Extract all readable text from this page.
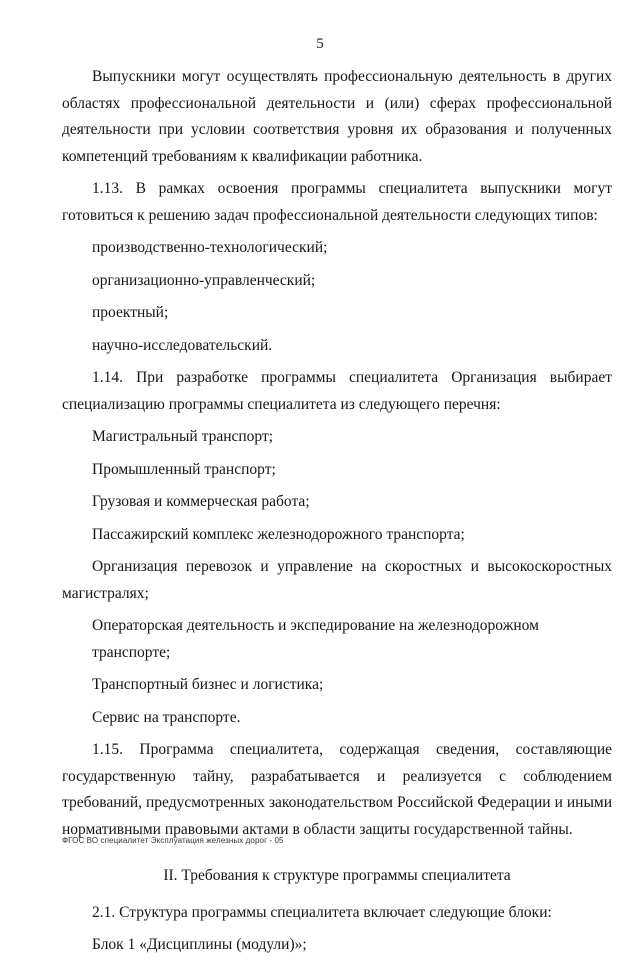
5

Выпускники могут осуществлять профессиональную деятельность в других областях профессиональной деятельности и (или) сферах профессиональной деятельности при условии соответствия уровня их образования и полученных компетенций требованиям к квалификации работника.

1.13. В рамках освоения программы специалитета выпускники могут готовиться к решению задач профессиональной деятельности следующих типов:

производственно-технологический;

организационно-управленческий;

проектный;

научно-исследовательский.

1.14. При разработке программы специалитета Организация выбирает специализацию программы специалитета из следующего перечня:

Магистральный транспорт;

Промышленный транспорт;

Грузовая и коммерческая работа;

Пассажирский комплекс железнодорожного транспорта;

Организация перевозок и управление на скоростных и высокоскоростных магистралях;

Операторская деятельность и экспедирование на железнодорожном транспорте;

Транспортный бизнес и логистика;

Сервис на транспорте.

1.15. Программа специалитета, содержащая сведения, составляющие государственную тайну, разрабатывается и реализуется с соблюдением требований, предусмотренных законодательством Российской Федерации и иными нормативными правовыми актами в области защиты государственной тайны.

II. Требования к структуре программы специалитета

2.1. Структура программы специалитета включает следующие блоки:

Блок 1 «Дисциплины (модули)»;

ФГОС ВО специалитет Эксплуатация железных дорог - 05
